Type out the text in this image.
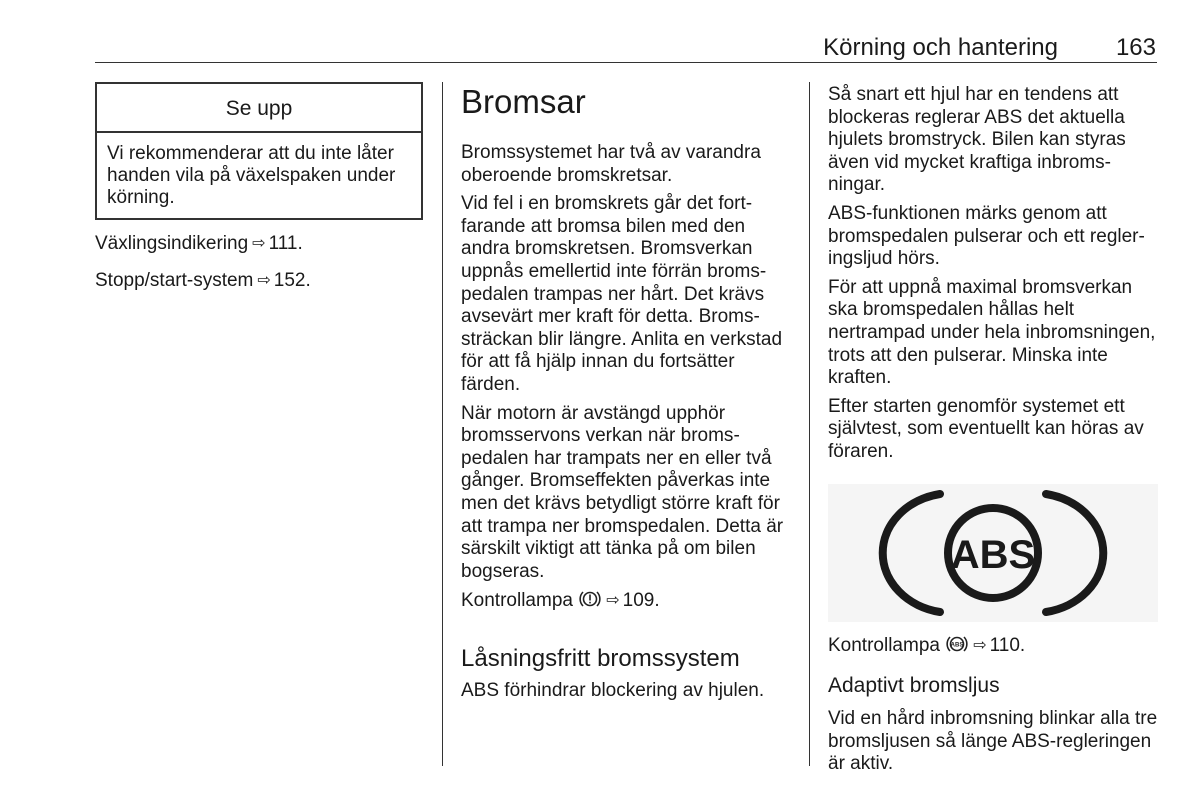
Körning och hantering 163
Se upp
Vi rekommenderar att du inte låter handen vila på växelspaken under körning.

Växlingsindikering ⇨ 111.

Stopp/start-system ⇨ 152.

Bromsar

Bromssystemet har två av varandra oberoende bromskretsar.

Vid fel i en bromskrets går det fortfarande att bromsa bilen med den andra bromskretsen. Bromsverkan uppnås emellertid inte förrän bromspedalen trampas ner hårt. Det krävs avsevärt mer kraft för detta. Bromssträckan blir längre. Anlita en verkstad för att få hjälp innan du fortsätter färden.

När motorn är avstängd upphör bromsservons verkan när bromspedalen har trampats ner en eller två gånger. Bromseffekten påverkas inte men det krävs betydligt större kraft för att trampa ner bromspedalen. Detta är särskilt viktigt att tänka på om bilen bogseras.

Kontrollampa ⇨ 109.

Låsningsfritt bromssystem

ABS förhindrar blockering av hjulen.

Så snart ett hjul har en tendens att blockeras reglerar ABS det aktuella hjulets bromstryck. Bilen kan styras även vid mycket kraftiga inbromsningar.

ABS-funktionen märks genom att bromspedalen pulserar och ett regleringsljud hörs.

För att uppnå maximal bromsverkan ska bromspedalen hållas helt nertrampad under hela inbromsningen, trots att den pulserar. Minska inte kraften.

Efter starten genomför systemet ett självtest, som eventuellt kan höras av föraren.

ABS

Kontrollampa ABS ⇨ 110.

Adaptivt bromsljus

Vid en hård inbromsning blinkar alla tre bromsljusen så länge ABS-regleringen är aktiv.
